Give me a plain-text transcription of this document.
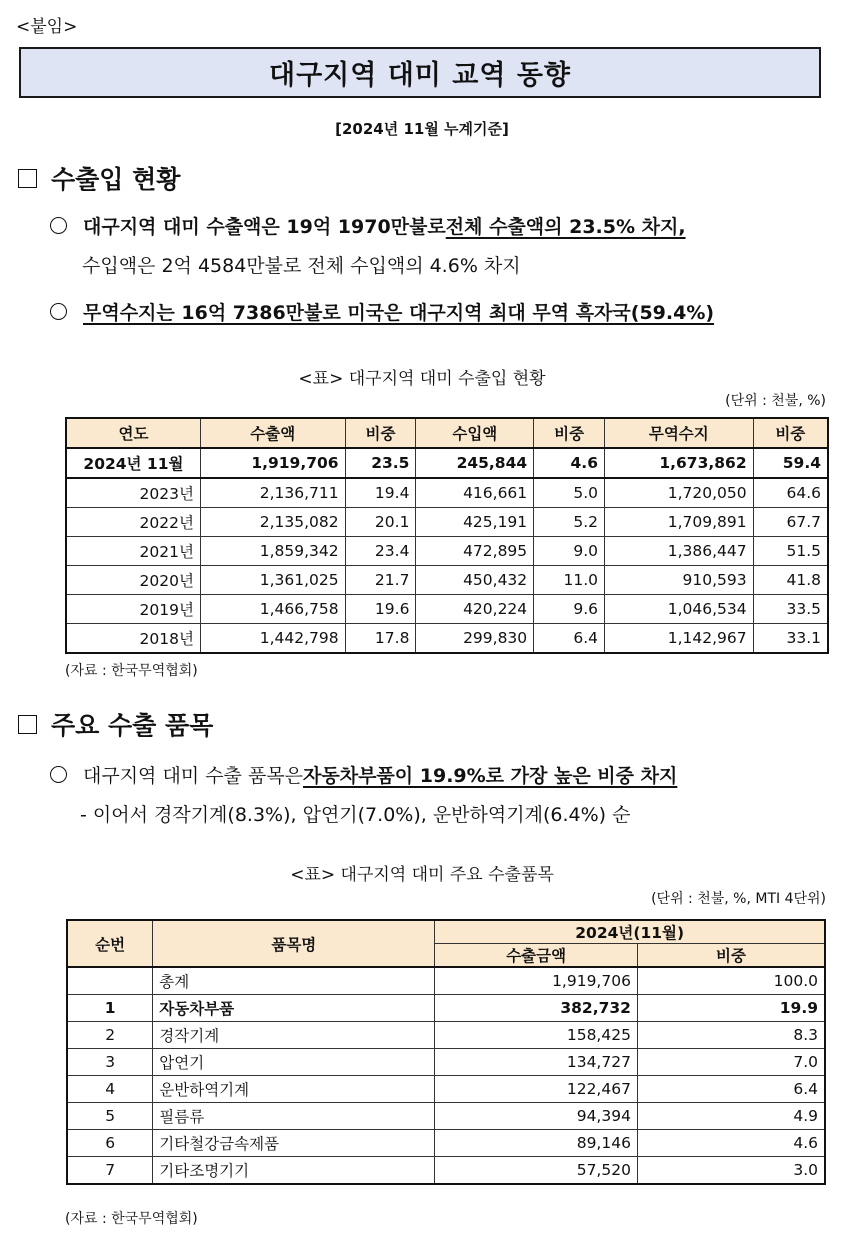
<붙임>
대구지역 대미 교역 동향
[2024년 11월 누계기준]
수출입 현황
대구지역 대미 수출액은 19억 1970만불로 전체 수출액의 23.5% 차지,
수입액은 2억 4584만불로 전체 수입액의 4.6% 차지
무역수지는 16억 7386만불로 미국은 대구지역 최대 무역 흑자국(59.4%)
<표> 대구지역 대미 수출입 현황
(단위 : 천불, %)
연도	수출액	비중	수입액	비중	무역수지	비중
2024년 11월	1,919,706	23.5	245,844	4.6	1,673,862	59.4
2023년	2,136,711	19.4	416,661	5.0	1,720,050	64.6
2022년	2,135,082	20.1	425,191	5.2	1,709,891	67.7
2021년	1,859,342	23.4	472,895	9.0	1,386,447	51.5
2020년	1,361,025	21.7	450,432	11.0	910,593	41.8
2019년	1,466,758	19.6	420,224	9.6	1,046,534	33.5
2018년	1,442,798	17.8	299,830	6.4	1,142,967	33.1
(자료 : 한국무역협회)
주요 수출 품목
대구지역 대미 수출 품목은 자동차부품이 19.9%로 가장 높은 비중 차지
- 이어서 경작기계(8.3%), 압연기(7.0%), 운반하역기계(6.4%) 순
<표> 대구지역 대미 주요 수출품목
(단위 : 천불, %, MTI 4단위)
순번	품목명	2024년(11월)	
		수출금액	비중
	총계	1,919,706	100.0
1	자동차부품	382,732	19.9
2	경작기계	158,425	8.3
3	압연기	134,727	7.0
4	운반하역기계	122,467	6.4
5	필름류	94,394	4.9
6	기타철강금속제품	89,146	4.6
7	기타조명기기	57,520	3.0
(자료 : 한국무역협회)
